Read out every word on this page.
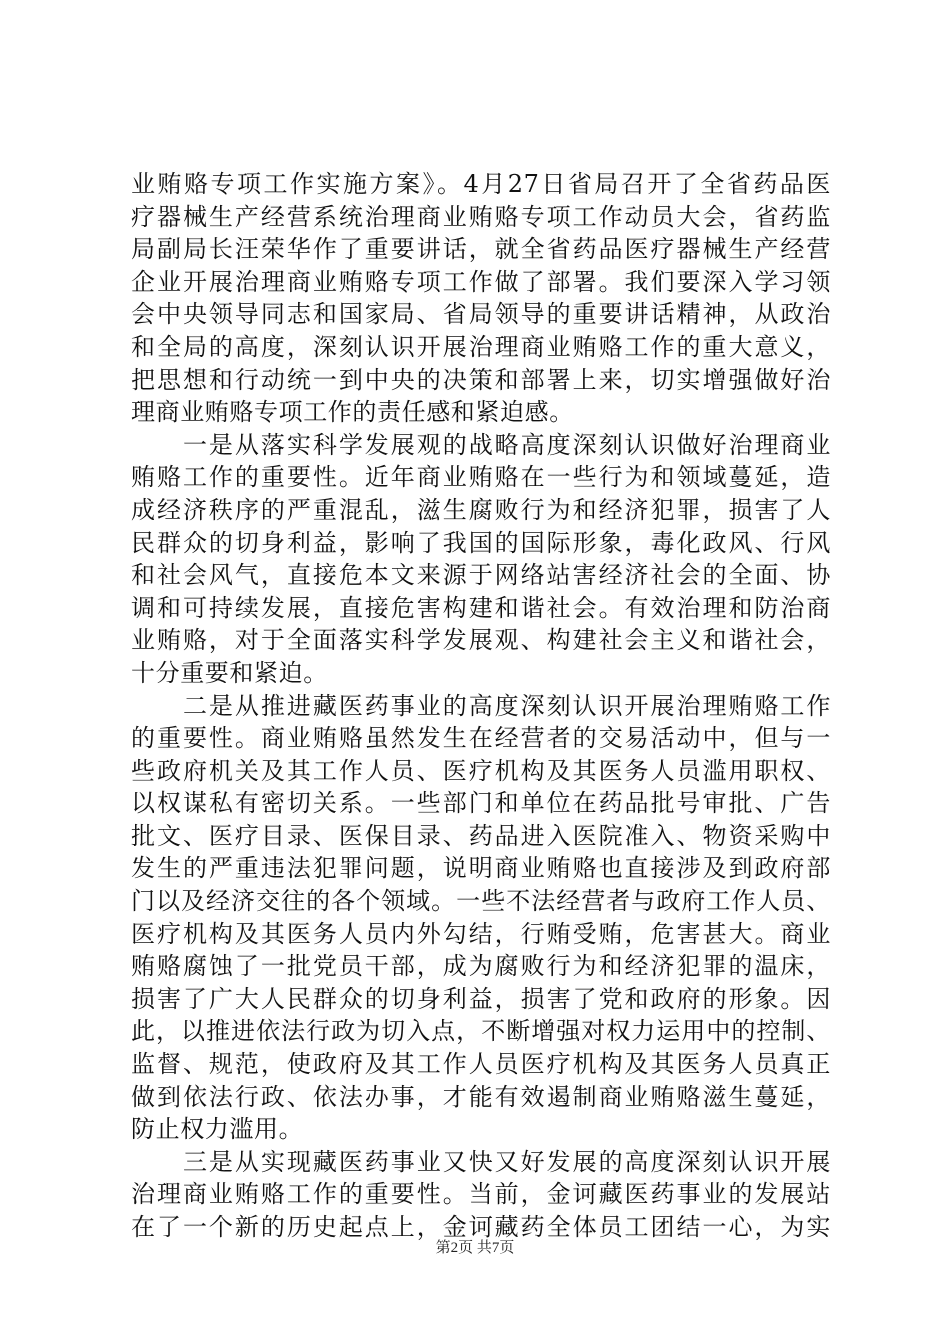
业贿赂专项工作实施方案》。4月27日省局召开了全省药品医
疗器械生产经营系统治理商业贿赂专项工作动员大会，省药监
局副局长汪荣华作了重要讲话，就全省药品医疗器械生产经营
企业开展治理商业贿赂专项工作做了部署。我们要深入学习领
会中央领导同志和国家局、省局领导的重要讲话精神，从政治
和全局的高度，深刻认识开展治理商业贿赂工作的重大意义，
把思想和行动统一到中央的决策和部署上来，切实增强做好治
理商业贿赂专项工作的责任感和紧迫感。
　　一是从落实科学发展观的战略高度深刻认识做好治理商业
贿赂工作的重要性。近年商业贿赂在一些行为和领域蔓延，造
成经济秩序的严重混乱，滋生腐败行为和经济犯罪，损害了人
民群众的切身利益，影响了我国的国际形象，毒化政风、行风
和社会风气，直接危本文来源于网络站害经济社会的全面、协
调和可持续发展，直接危害构建和谐社会。有效治理和防治商
业贿赂，对于全面落实科学发展观、构建社会主义和谐社会，
十分重要和紧迫。
　　二是从推进藏医药事业的高度深刻认识开展治理贿赂工作
的重要性。商业贿赂虽然发生在经营者的交易活动中，但与一
些政府机关及其工作人员、医疗机构及其医务人员滥用职权、
以权谋私有密切关系。一些部门和单位在药品批号审批、广告
批文、医疗目录、医保目录、药品进入医院准入、物资采购中
发生的严重违法犯罪问题，说明商业贿赂也直接涉及到政府部
门以及经济交往的各个领域。一些不法经营者与政府工作人员、
医疗机构及其医务人员内外勾结，行贿受贿，危害甚大。商业
贿赂腐蚀了一批党员干部，成为腐败行为和经济犯罪的温床，
损害了广大人民群众的切身利益，损害了党和政府的形象。因
此，以推进依法行政为切入点，不断增强对权力运用中的控制、
监督、规范，使政府及其工作人员医疗机构及其医务人员真正
做到依法行政、依法办事，才能有效遏制商业贿赂滋生蔓延，
防止权力滥用。
　　三是从实现藏医药事业又快又好发展的高度深刻认识开展
治理商业贿赂工作的重要性。当前，金诃藏医药事业的发展站
在了一个新的历史起点上，金诃藏药全体员工团结一心，为实
第2页 共7页
